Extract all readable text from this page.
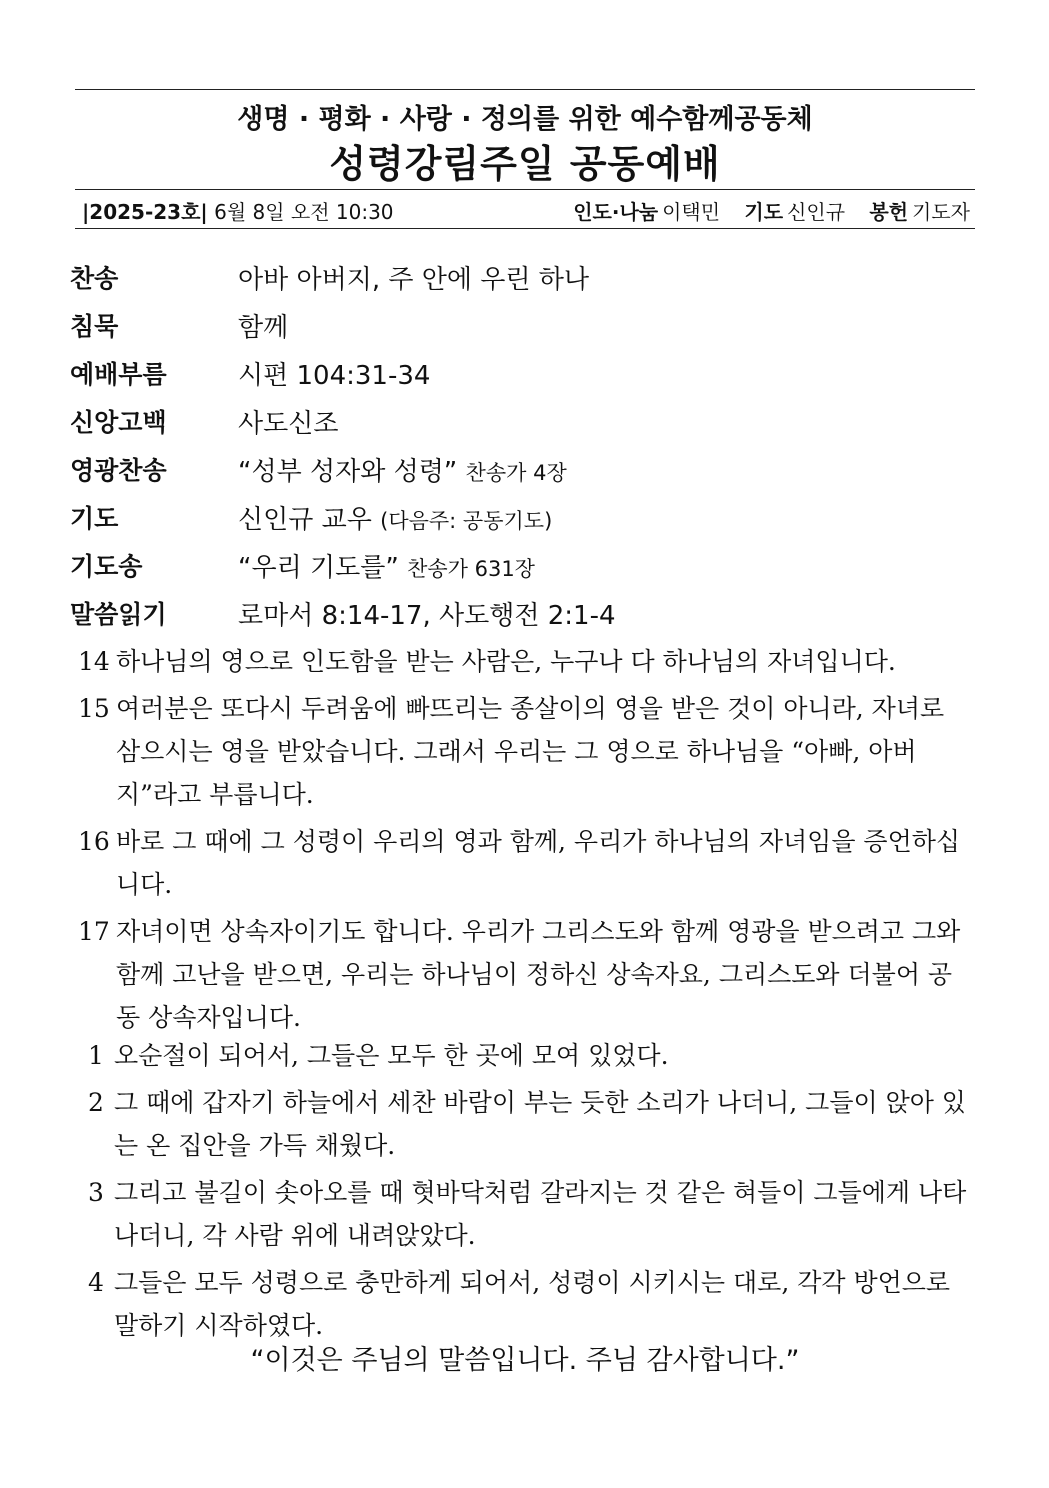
생명 · 평화 · 사랑 · 정의를 위한 예수함께공동체
성령강림주일 공동예배
|2025-23호| 6월 8일 오전 10:30	인도·나눔 이택민 기도 신인규 봉헌 기도자
찬송	아바 아버지, 주 안에 우린 하나
침묵	함께
예배부름	시편 104:31-34
신앙고백	사도신조
영광찬송	“성부 성자와 성령” 찬송가 4장
기도	신인규 교우 (다음주: 공동기도)
기도송	“우리 기도를” 찬송가 631장
말씀읽기	로마서 8:14-17, 사도행전 2:1-4
14 하나님의 영으로 인도함을 받는 사람은, 누구나 다 하나님의 자녀입니다.
15 여러분은 또다시 두려움에 빠뜨리는 종살이의 영을 받은 것이 아니라, 자녀로 삼으시는 영을 받았습니다. 그래서 우리는 그 영으로 하나님을 “아빠, 아버지”라고 부릅니다.
16 바로 그 때에 그 성령이 우리의 영과 함께, 우리가 하나님의 자녀임을 증언하십니다.
17 자녀이면 상속자이기도 합니다. 우리가 그리스도와 함께 영광을 받으려고 그와 함께 고난을 받으면, 우리는 하나님이 정하신 상속자요, 그리스도와 더불어 공동 상속자입니다.
1 오순절이 되어서, 그들은 모두 한 곳에 모여 있었다.
2 그 때에 갑자기 하늘에서 세찬 바람이 부는 듯한 소리가 나더니, 그들이 앉아 있는 온 집안을 가득 채웠다.
3 그리고 불길이 솟아오를 때 혓바닥처럼 갈라지는 것 같은 혀들이 그들에게 나타나더니, 각 사람 위에 내려앉았다.
4 그들은 모두 성령으로 충만하게 되어서, 성령이 시키시는 대로, 각각 방언으로 말하기 시작하였다.
“이것은 주님의 말씀입니다. 주님 감사합니다.”
